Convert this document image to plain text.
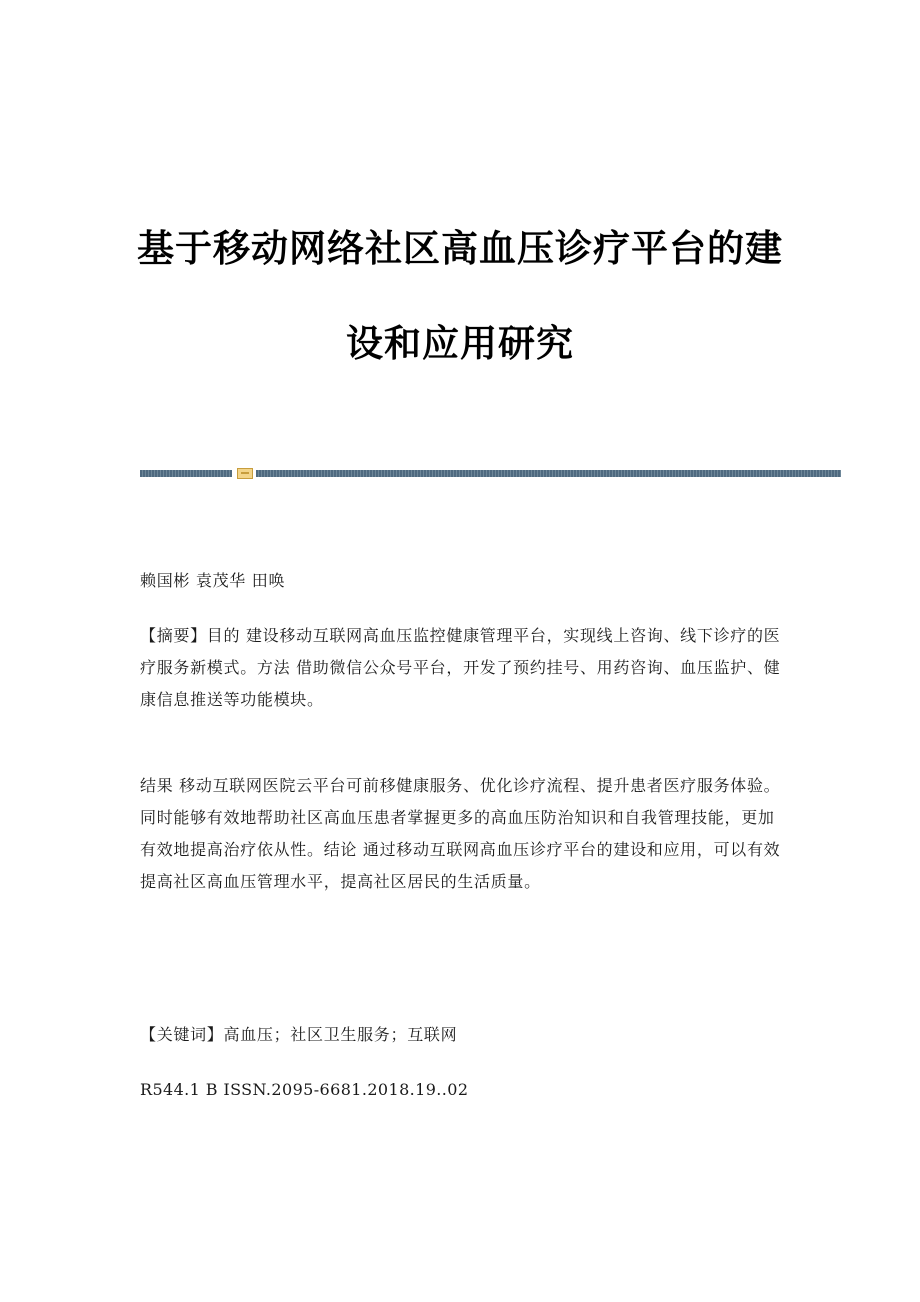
基于移动网络社区高血压诊疗平台的建
设和应用研究
赖国彬 袁茂华 田唤
【摘要】目的 建设移动互联网高血压监控健康管理平台，实现线上咨询、线下诊疗的医疗服务新模式。方法 借助微信公众号平台，开发了预约挂号、用药咨询、血压监护、健康信息推送等功能模块。
结果 移动互联网医院云平台可前移健康服务、优化诊疗流程、提升患者医疗服务体验。同时能够有效地帮助社区高血压患者掌握更多的高血压防治知识和自我管理技能，更加有效地提高治疗依从性。结论 通过移动互联网高血压诊疗平台的建设和应用，可以有效提高社区高血压管理水平，提高社区居民的生活质量。
【关键词】高血压；社区卫生服务；互联网
R544.1 B ISSN.2095-6681.2018.19..02
